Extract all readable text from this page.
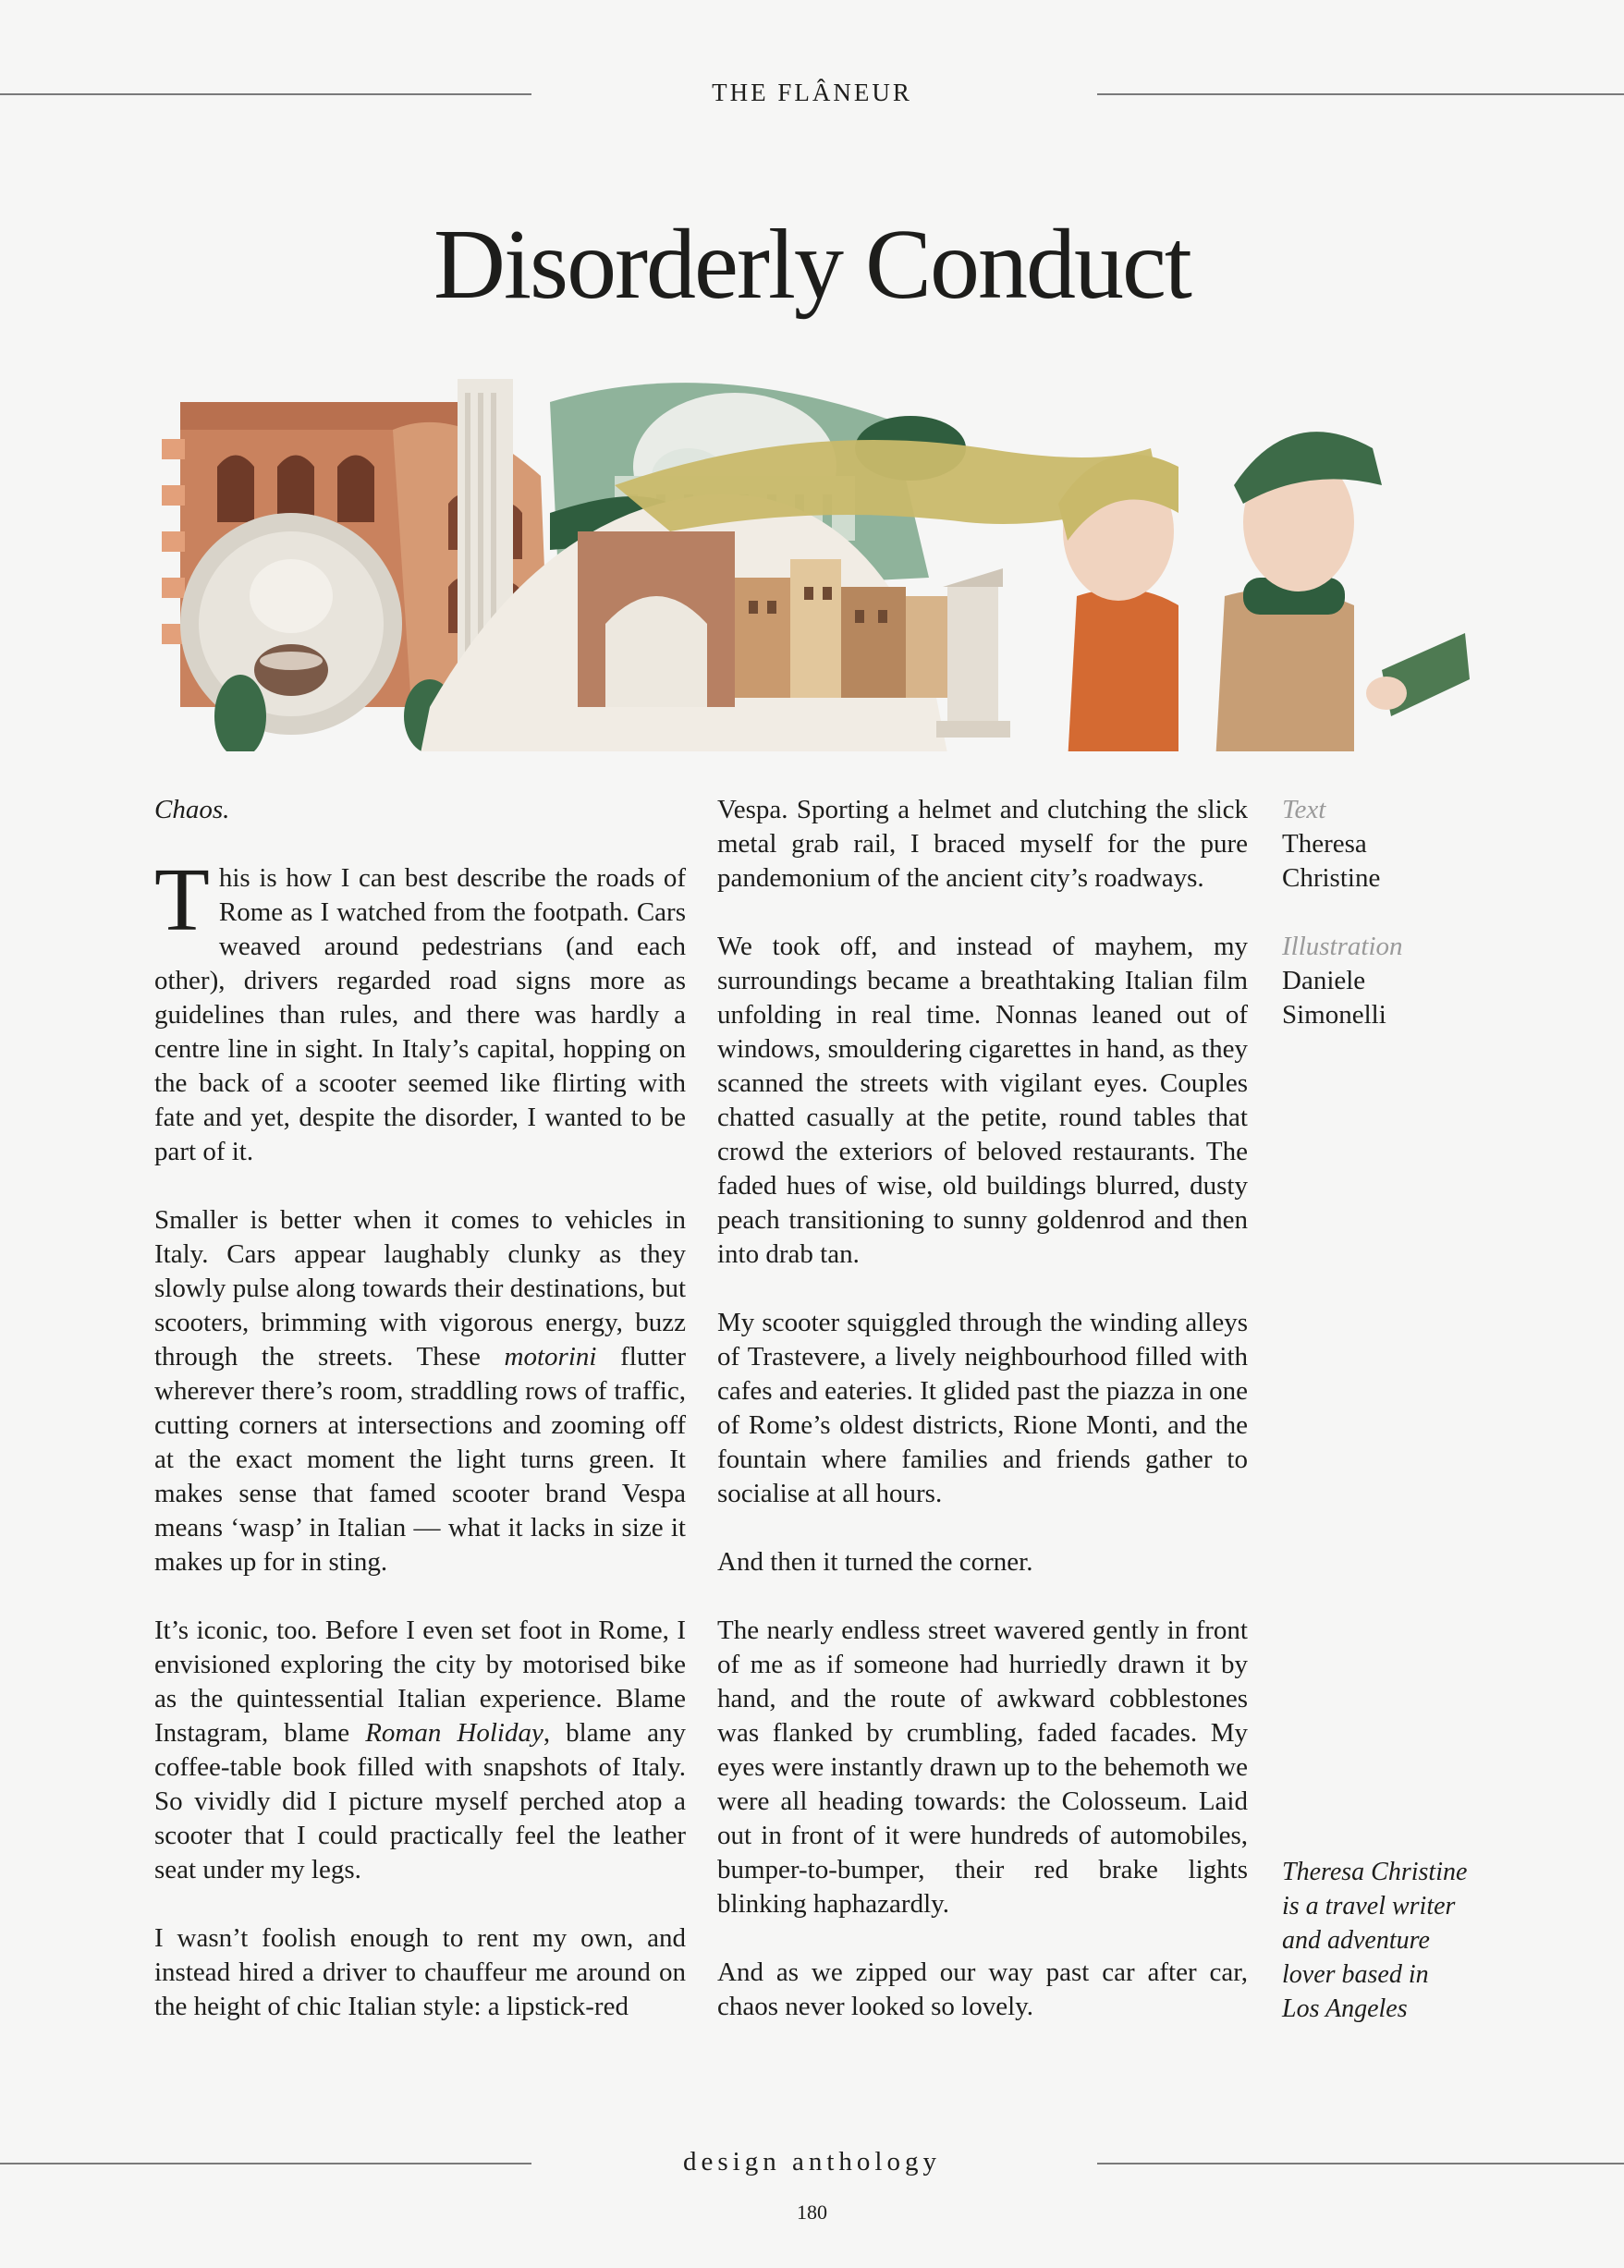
THE FLÂNEUR
Disorderly Conduct

Chaos.

This is how I can best describe the roads of Rome as I watched from the footpath. Cars weaved around pedestrians (and each other), drivers regarded road signs more as guidelines than rules, and there was hardly a centre line in sight. In Italy’s capital, hopping on the back of a scooter seemed like flirting with fate and yet, despite the disorder, I wanted to be part of it.

Smaller is better when it comes to vehicles in Italy. Cars appear laughably clunky as they slowly pulse along towards their destinations, but scooters, brimming with vigorous energy, buzz through the streets. These motorini flutter wherever there’s room, straddling rows of traffic, cutting corners at intersections and zooming off at the exact moment the light turns green. It makes sense that famed scooter brand Vespa means ‘wasp’ in Italian — what it lacks in size it makes up for in sting.

It’s iconic, too. Before I even set foot in Rome, I envisioned exploring the city by motorised bike as the quintessential Italian experience. Blame Instagram, blame Roman Holiday, blame any coffee-table book filled with snapshots of Italy. So vividly did I picture myself perched atop a scooter that I could practically feel the leather seat under my legs.

I wasn’t foolish enough to rent my own, and instead hired a driver to chauffeur me around on the height of chic Italian style: a lipstick-red

Vespa. Sporting a helmet and clutching the slick metal grab rail, I braced myself for the pure pandemonium of the ancient city’s roadways.

We took off, and instead of mayhem, my surroundings became a breathtaking Italian film unfolding in real time. Nonnas leaned out of windows, smouldering cigarettes in hand, as they scanned the streets with vigilant eyes. Couples chatted casually at the petite, round tables that crowd the exteriors of beloved restaurants. The faded hues of wise, old buildings blurred, dusty peach transitioning to sunny goldenrod and then into drab tan.

My scooter squiggled through the winding alleys of Trastevere, a lively neighbourhood filled with cafes and eateries. It glided past the piazza in one of Rome’s oldest districts, Rione Monti, and the fountain where families and friends gather to socialise at all hours.

And then it turned the corner.

The nearly endless street wavered gently in front of me as if someone had hurriedly drawn it by hand, and the route of awkward cobblestones was flanked by crumbling, faded facades. My eyes were instantly drawn up to the behemoth we were all heading towards: the Colosseum. Laid out in front of it were hundreds of automobiles, bumper-to-bumper, their red brake lights blinking haphazardly.

And as we zipped our way past car after car, chaos never looked so lovely.

Text
Theresa
Christine
Illustration
Daniele
Simonelli
Theresa Christine
is a travel writer
and adventure
lover based in
Los Angeles
design anthology
180
